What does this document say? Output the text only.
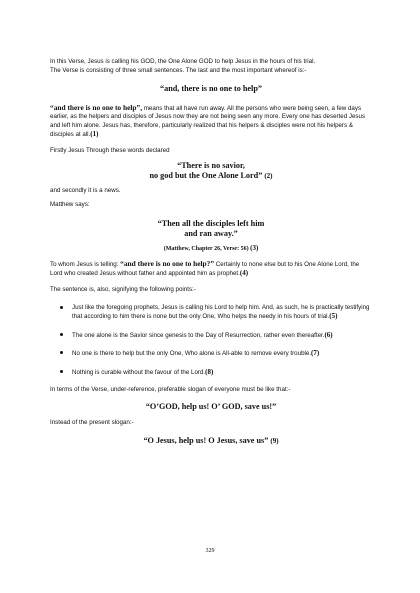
In this Verse, Jesus is calling his GOD, the One Alone GOD to help Jesus in the hours of his trial.

The Verse is consisting of three small sentences. The last and the most important whereof is:-

“and, there is no one to help”

“and there is no one to help”, means that all have run away. All the persons who were being seen, a few days earlier, as the helpers and disciples of Jesus now they are not being seen any more. Every one has deserted Jesus and left him alone. Jesus has, therefore, particularly realized that his helpers & disciples were not his helpers & disciples at all.(1)

Firstly Jesus Through these words declared

“There is no savior,
no god but the One Alone Lord” (2)

and secondly it is a news.

Matthew says:

“Then all the disciples left him
and ran away.”

(Matthew, Chapter 26, Verse: 56) (3)

To whom Jesus is telling: “and there is no one to help?” Certainly to none else but to his One Alone Lord, the Lord who created Jesus without father and appointed him as prophet.(4)

The sentence is, also, signifying the following points:-

Just like the foregoing prophets, Jesus is calling his Lord to help him. And, as such, he is practically testifying that according to him there is none but the only One, Who helps the needy in his hours of trial.(5)

The one alone is the Savior since genesis to the Day of Resurrection, rather even thereafter.(6)

No one is there to help but the only One, Who alone is All-able to remove every trouble.(7)

Nothing is curable without the favour of the Lord.(8)

In terms of the Verse, under-reference, preferable slogan of everyone must be like that:-

“O’GOD, help us! O’ GOD, save us!”

Instead of the present slogan:-

“O Jesus, help us! O Jesus, save us” (9)

329
